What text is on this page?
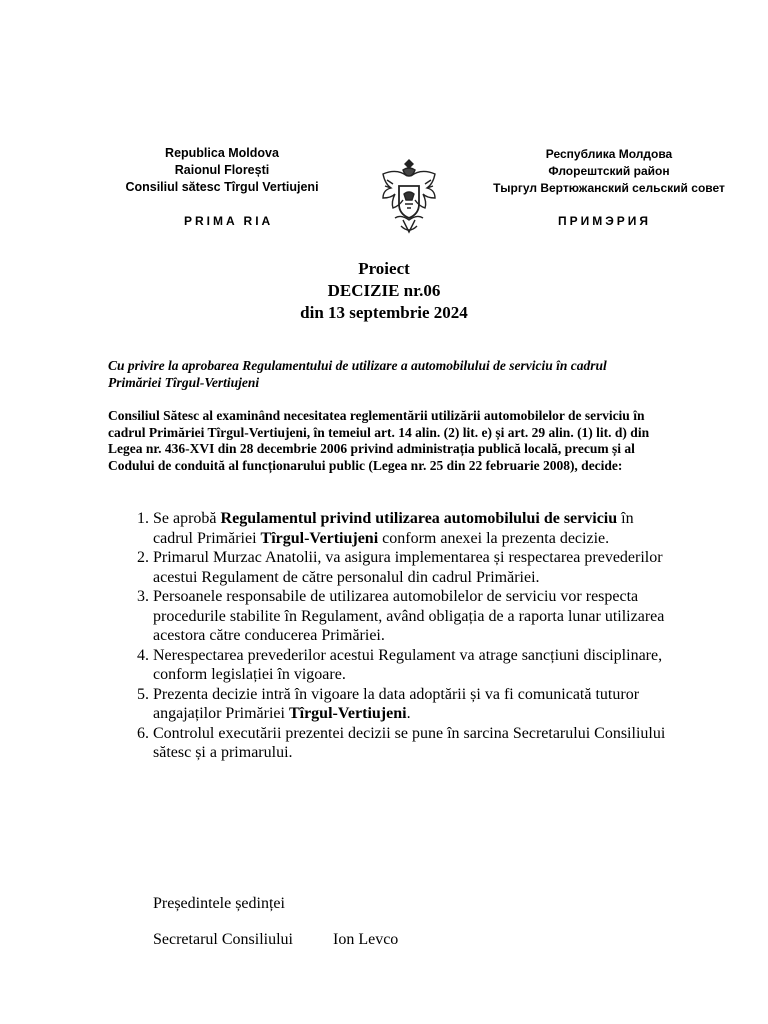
Republica Moldova
Raionul Florești
Consiliul sătesc Tîrgul Vertiujeni
PRIMA RIA
Республика Молдова
Флорештский район
Тыргул Вертюжанский сельский совет
ПРИМЭРИЯ
Proiect
DECIZIE nr.06
din 13 septembrie 2024
Cu privire la aprobarea Regulamentului de utilizare a automobilului de serviciu în cadrul Primăriei Tîrgul-Vertiujeni
Consiliul Sătesc al examinând necesitatea reglementării utilizării automobilelor de serviciu în cadrul Primăriei Tîrgul-Vertiujeni, în temeiul art. 14 alin. (2) lit. e) și art. 29 alin. (1) lit. d) din Legea nr. 436-XVI din 28 decembrie 2006 privind administrația publică locală, precum și al Codului de conduită al funcționarului public (Legea nr. 25 din 22 februarie 2008), decide:
1. Se aprobă Regulamentul privind utilizarea automobilului de serviciu în cadrul Primăriei Tîrgul-Vertiujeni conform anexei la prezenta decizie.
2. Primarul Murzac Anatolii, va asigura implementarea și respectarea prevederilor acestui Regulament de către personalul din cadrul Primăriei.
3. Persoanele responsabile de utilizarea automobilelor de serviciu vor respecta procedurile stabilite în Regulament, având obligația de a raporta lunar utilizarea acestora către conducerea Primăriei.
4. Nerespectarea prevederilor acestui Regulament va atrage sancțiuni disciplinare, conform legislației în vigoare.
5. Prezenta decizie intră în vigoare la data adoptării și va fi comunicată tuturor angajaților Primăriei Tîrgul-Vertiujeni.
6. Controlul executării prezentei decizii se pune în sarcina Secretarului Consiliului sătesc și a primarului.
Președintele ședinței
Secretarul Consiliului	Ion Levco
